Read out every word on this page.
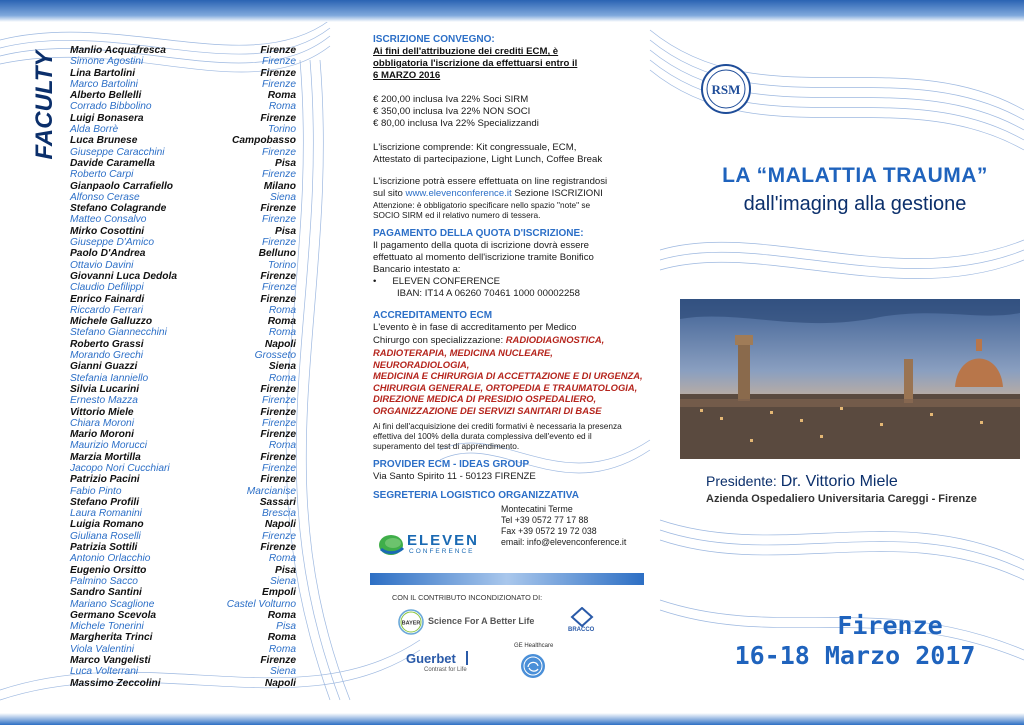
FACULTY
Manlio Acquafresca	Firenze
Simone Agostini	Firenze
Lina Bartolini	Firenze
Marco Bartolini	Firenze
Alberto Bellelli	Roma
Corrado Bibbolino	Roma
Luigi Bonasera	Firenze
Alda Borrè	Torino
Luca Brunese	Campobasso
Giuseppe Caracchini	Firenze
Davide Caramella	Pisa
Roberto Carpi	Firenze
Gianpaolo Carrafiello	Milano
Alfonso Cerase	Siena
Stefano Colagrande	Firenze
Matteo Consalvo	Firenze
Mirko Cosottini	Pisa
Giuseppe D'Amico	Firenze
Paolo D'Andrea	Belluno
Ottavio Davini	Torino
Giovanni Luca Dedola	Firenze
Claudio Defilippi	Firenze
Enrico Fainardi	Firenze
Riccardo Ferrari	Roma
Michele Galluzzo	Roma
Stefano Giannecchini	Roma
Roberto Grassi	Napoli
Morando Grechi	Grosseto
Gianni Guazzi	Siena
Stefania Ianniello	Roma
Silvia Lucarini	Firenze
Ernesto Mazza	Firenze
Vittorio Miele	Firenze
Chiara Moroni	Firenze
Mario Moroni	Firenze
Maurizio Morucci	Roma
Marzia Mortilla	Firenze
Jacopo Nori Cucchiari	Firenze
Patrizio Pacini	Firenze
Fabio Pinto	Marcianise
Stefano Profili	Sassari
Laura Romanini	Brescia
Luigia Romano	Napoli
Giuliana Roselli	Firenze
Patrizia Sottili	Firenze
Antonio Orlacchio	Roma
Eugenio Orsitto	Pisa
Palmino Sacco	Siena
Sandro Santini	Empoli
Mariano Scaglione	Castel Volturno
Germano Scevola	Roma
Michele Tonerini	Pisa
Margherita Trinci	Roma
Viola Valentini	Roma
Marco Vangelisti	Firenze
Luca Volterrani	Siena
Massimo Zeccolini	Napoli
ISCRIZIONE CONVEGNO:
Ai fini dell'attribuzione dei crediti ECM, è
obbligatoria l'iscrizione da effettuarsi entro il
6 MARZO 2016
€ 200,00 inclusa Iva 22% Soci SIRM
€ 350,00 inclusa Iva 22% NON SOCI
€ 80,00 inclusa Iva 22% Specializzandi
L'iscrizione comprende: Kit congressuale, ECM,
Attestato di partecipazione, Light Lunch, Coffee Break
L'iscrizione potrà essere effettuata on line registrandosi
sul sito www.elevenconference.it Sezione ISCRIZIONI
Attenzione: è obbligatorio specificare nello spazio "note" se
SOCIO SIRM ed il relativo numero di tessera.
PAGAMENTO DELLA QUOTA D'ISCRIZIONE:
Il pagamento della quota di iscrizione dovrà essere
effettuato al momento dell'iscrizione tramite Bonifico
Bancario intestato a:
• ELEVEN CONFERENCE
IBAN: IT14 A 06260 70461 1000 00002258
ACCREDITAMENTO ECM
L'evento è in fase di accreditamento per Medico
Chirurgo con specializzazione: RADIODIAGNOSTICA,
RADIOTERAPIA, MEDICINA NUCLEARE, NEURORADIOLOGIA,
MEDICINA E CHIRURGIA DI ACCETTAZIONE E DI URGENZA,
CHIRURGIA GENERALE, ORTOPEDIA E TRAUMATOLOGIA,
DIREZIONE MEDICA DI PRESIDIO OSPEDALIERO,
ORGANIZZAZIONE DEI SERVIZI SANITARI DI BASE
Ai fini dell'acquisizione dei crediti formativi è necessaria la presenza
effettiva del 100% della durata complessiva dell'evento ed il
superamento del test di apprendimento.
PROVIDER ECM - IDEAS GROUP
Via Santo Spirito 11 - 50123 FIRENZE
SEGRETERIA LOGISTICO ORGANIZZATIVA
Montecatini Terme
Tel +39 0572 77 17 88
Fax +39 0572 19 72 038
email: info@elevenconference.it
ELEVEN
CONFERENCE
CON IL CONTRIBUTO INCONDIZIONATO DI:
BAYER Science For A Better Life
BRACCO
Guerbet
Contrast for Life
GE Healthcare
RSM
LA “MALATTIA TRAUMA”
dall'imaging alla gestione
Presidente: Dr. Vittorio Miele
Azienda Ospedaliero Universitaria Careggi - Firenze
Firenze
16-18 Marzo 2017
